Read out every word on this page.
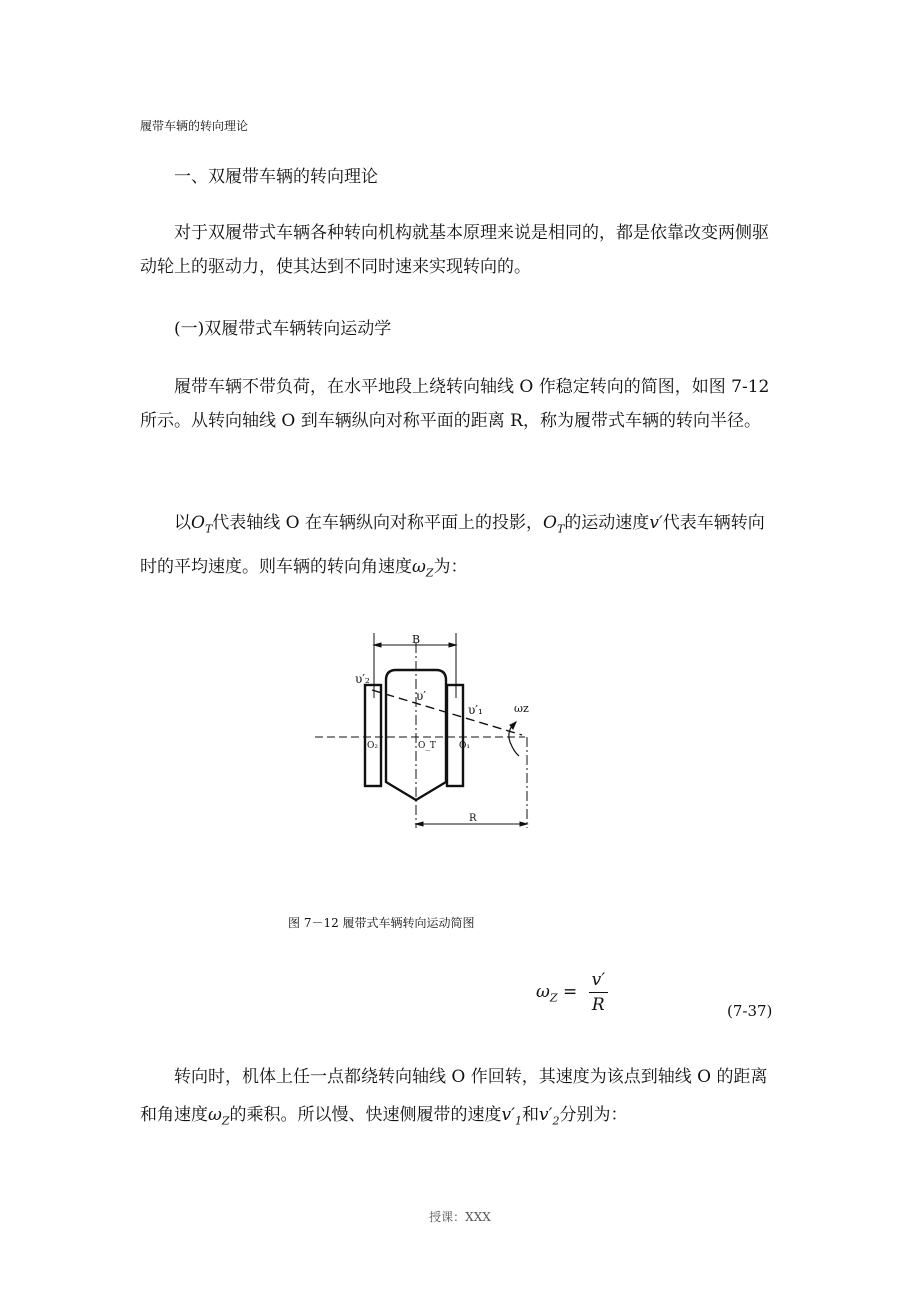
履带车辆的转向理论
一、双履带车辆的转向理论
对于双履带式车辆各种转向机构就基本原理来说是相同的，都是依靠改变两侧驱动轮上的驱动力，使其达到不同时速来实现转向的。
(一)双履带式车辆转向运动学
履带车辆不带负荷，在水平地段上绕转向轴线 O 作稳定转向的简图，如图 7-12 所示。从转向轴线 O 到车辆纵向对称平面的距离 R，称为履带式车辆的转向半径。
以$O_T$代表轴线 O 在车辆纵向对称平面上的投影，$O_T$的运动速度v′代表车辆转向时的平均速度。则车辆的转向角速度$\omega_Z$为：
B
R
υ′₂
υ′
υ′₁	ωz
O₂	O_T	O₁
图 7－12 履带式车辆转向运动简图
$\omega_Z = \frac{v'}{R}$	(7-37)
转向时，机体上任一点都绕转向轴线 O 作回转，其速度为该点到轴线 O 的距离和角速度$\omega_Z$的乘积。所以慢、快速侧履带的速度$v'_1$和$v'_2$分别为：
授课：XXX
